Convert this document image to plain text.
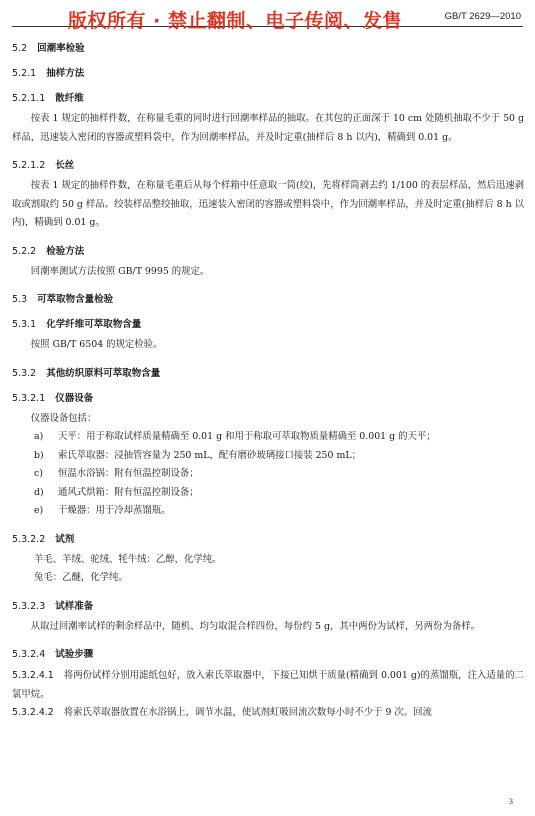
版权所有 · 禁止翻制、电子传阅、发售	GB/T 2629—2010
5.2 回潮率检验
5.2.1 抽样方法
5.2.1.1 散纤维

按表 1 规定的抽样件数，在称量毛重的同时进行回潮率样品的抽取。在其包的正面深于 10 cm 处随机抽取不少于 50 g 样品，迅速装入密闭的容器或塑料袋中，作为回潮率样品，并及时定重(抽样后 8 h 以内)，精确到 0.01 g。

5.2.1.2 长丝

按表 1 规定的抽样件数，在称量毛重后从每个样箱中任意取一筒(绞)，先将样筒剥去约 1/100 的表层样品，然后迅速剥取或割取约 50 g 样品。绞装样品整绞抽取，迅速装入密闭的容器或塑料袋中，作为回潮率样品，并及时定重(抽样后 8 h 以内)，精确到 0.01 g。

5.2.2 检验方法

回潮率测试方法按照 GB/T 9995 的规定。

5.3 可萃取物含量检验
5.3.1 化学纤维可萃取物含量

按照 GB/T 6504 的规定检验。

5.3.2 其他纺织原料可萃取物含量
5.3.2.1 仪器设备

仪器设备包括：

a) 天平：用于称取试样质量精确至 0.01 g 和用于称取可萃取物质量精确至 0.001 g 的天平；
b) 索氏萃取器：浸抽管容量为 250 mL，配有磨砂玻璃接口接装 250 mL；
c) 恒温水浴锅：附有恒温控制设备；
d) 通风式烘箱：附有恒温控制设备；
e) 干燥器：用于冷却蒸馏瓶。
5.3.2.2 试剂
羊毛、羊绒、驼绒、牦牛绒：乙醇，化学纯。
兔毛：乙醚，化学纯。
5.3.2.3 试样准备

从取过回潮率试样的剩余样品中，随机、均匀取混合样四份，每份约 5 g，其中两份为试样，另两份为备样。

5.3.2.4 试验步骤
5.3.2.4.1 将两份试样分别用滤纸包好，放入索氏萃取器中，下接已知烘干质量(精确到 0.001 g)的蒸馏瓶，注入适量的二氯甲烷。
5.3.2.4.2 将索氏萃取器放置在水浴锅上，调节水温，使试剂虹吸回流次数每小时不少于 9 次。回流
3
